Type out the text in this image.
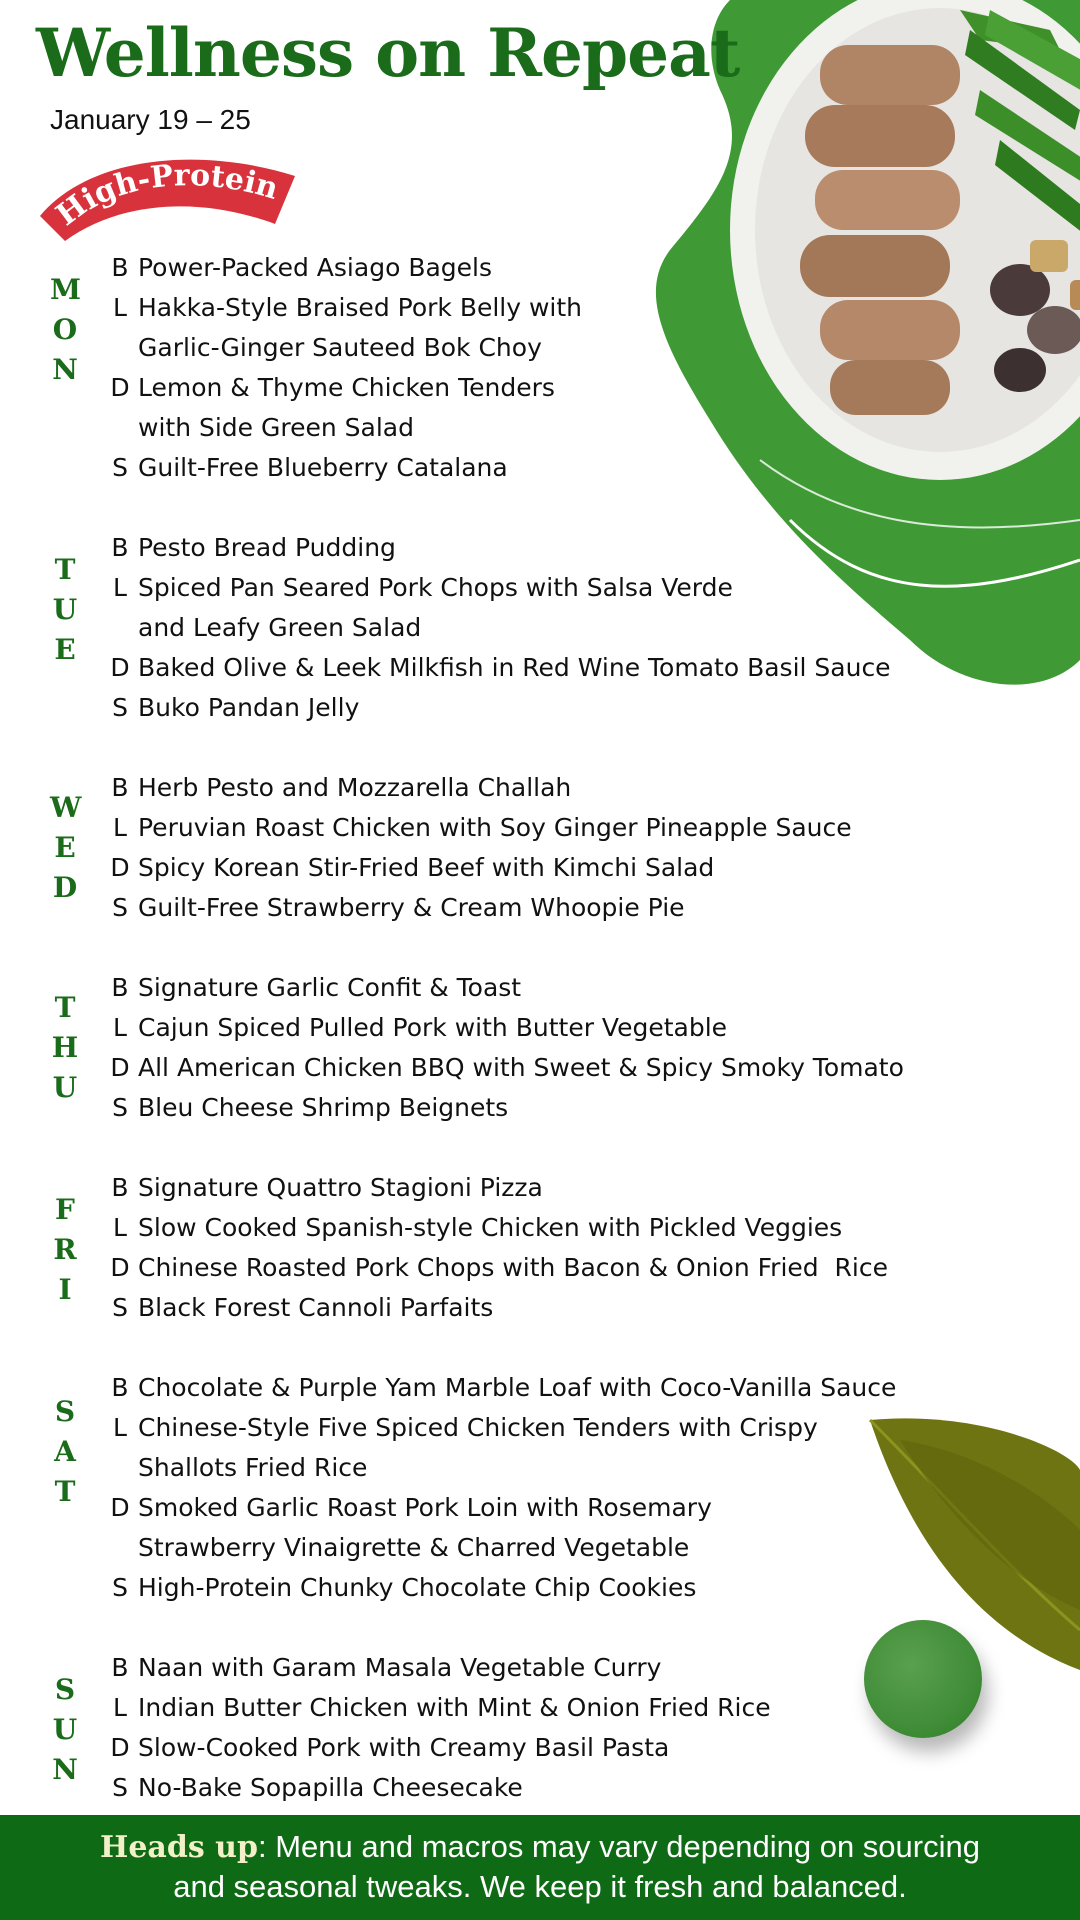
Wellness on Repeat
January 19 – 25
High-Protein
M
O
N
B Power-Packed Asiago Bagels
L Hakka-Style Braised Pork Belly with
Garlic-Ginger Sauteed Bok Choy
D Lemon & Thyme Chicken Tenders
with Side Green Salad
S Guilt-Free Blueberry Catalana
T
U
E
B Pesto Bread Pudding
L Spiced Pan Seared Pork Chops with Salsa Verde
and Leafy Green Salad
D Baked Olive & Leek Milkfish in Red Wine Tomato Basil Sauce
S Buko Pandan Jelly
W
E
D
B Herb Pesto and Mozzarella Challah
L Peruvian Roast Chicken with Soy Ginger Pineapple Sauce
D Spicy Korean Stir-Fried Beef with Kimchi Salad
S Guilt-Free Strawberry & Cream Whoopie Pie
T
H
U
B Signature Garlic Confit & Toast
L Cajun Spiced Pulled Pork with Butter Vegetable
D All American Chicken BBQ with Sweet & Spicy Smoky Tomato
S Bleu Cheese Shrimp Beignets
F
R
I
B Signature Quattro Stagioni Pizza
L Slow Cooked Spanish-style Chicken with Pickled Veggies
D Chinese Roasted Pork Chops with Bacon & Onion Fried  Rice
S Black Forest Cannoli Parfaits
S
A
T
B Chocolate & Purple Yam Marble Loaf with Coco-Vanilla Sauce
L Chinese-Style Five Spiced Chicken Tenders with Crispy
Shallots Fried Rice
D Smoked Garlic Roast Pork Loin with Rosemary
Strawberry Vinaigrette & Charred Vegetable
S High-Protein Chunky Chocolate Chip Cookies
S
U
N
B Naan with Garam Masala Vegetable Curry
L Indian Butter Chicken with Mint & Onion Fried Rice
D Slow-Cooked Pork with Creamy Basil Pasta
S No-Bake Sopapilla Cheesecake
Heads up: Menu and macros may vary depending on sourcing
and seasonal tweaks. We keep it fresh and balanced.
